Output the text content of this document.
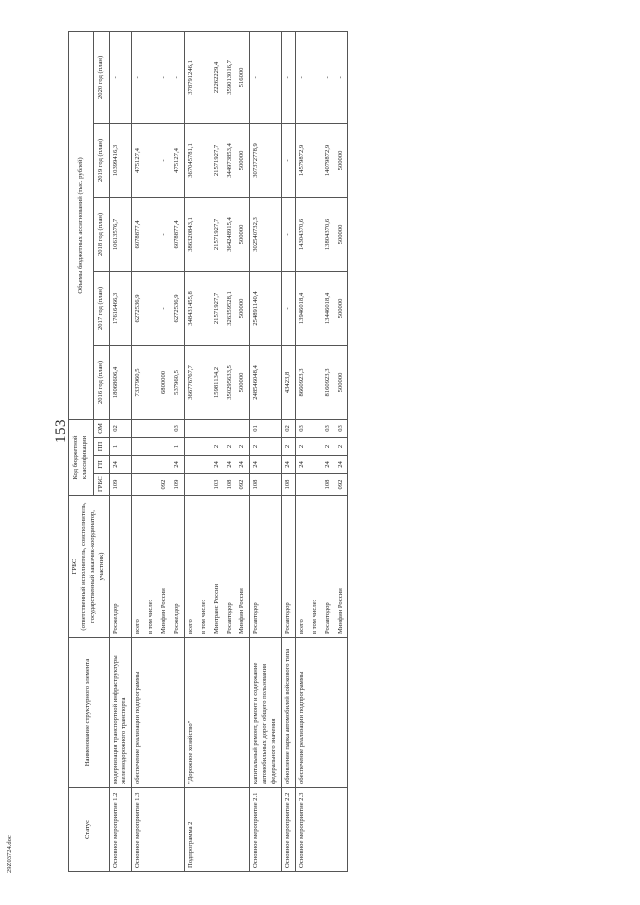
153
Статус	Наименование структурного элемента	ГРБС (ответственный исполнитель, соисполнитель, государственный заказчик-координатор, участник)	Код бюджетной классификации				Объемы бюджетных ассигнований (тыс. рублей)				
			ГРБС	ГП	ПП	ОМ	2016 год (план)	2017 год (план)	2018 год (план)	2019 год (план)	2020 год (план)
Основное мероприятие 1.2	модернизация транспортной инфраструктуры железнодорожного транспорта	Росжелдор	109	24	1	02	18068606,4	17616466,3	10613576,7	10399416,3	-
Основное мероприятие 1.3	обеспечение реализации подпрограммы	всего					7337960,5	6272536,9	6078877,4	475127,4	-
		в том числе:									
		Минфин России	092				6800000	-	-	-	-
		Росжелдор	109	24	1	03	537960,5	6272536,9	6078877,4	475127,4	-
Подпрограмма 2	"Дорожное хозяйство"	всего					366776767,7	348431455,8	386320843,1	367045781,1	378791246,1
		в том числе:									
		Минтранс России	103	24	2		15981134,2	21571927,7	21571927,7	21571927,7	22262229,4
		Росавтодор	108	24	2		350295633,5	326359528,1	364248915,4	344973853,4	359013016,7
		Минфин России	092	24	2		500000	500000	500000	500000	516000
Основное мероприятие 2.1	капитальный ремонт, ремонт и содержание автомобильных дорог общего пользования федерального значения	Росавтодор	108	24	2	01	248546048,4	254891140,4	302540732,3	307372778,9	-
Основное мероприятие 2.2	обновление парка автомобилей войскового типа	Росавтодор	108	24	2	02	43423,8	-	-	-	-
Основное мероприятие 2.3	обеспечение реализации подпрограммы	всего		24	2	03	8660923,3	13946018,4	14304370,6	14579872,9	-
		в том числе:									
		Росавтодор	108	24	2	03	8160923,3	13446018,4	13804370,6	14079872,9	-
		Минфин России	092	24	2	03	500000	500000	500000	500000	-
29Z03724.doc
